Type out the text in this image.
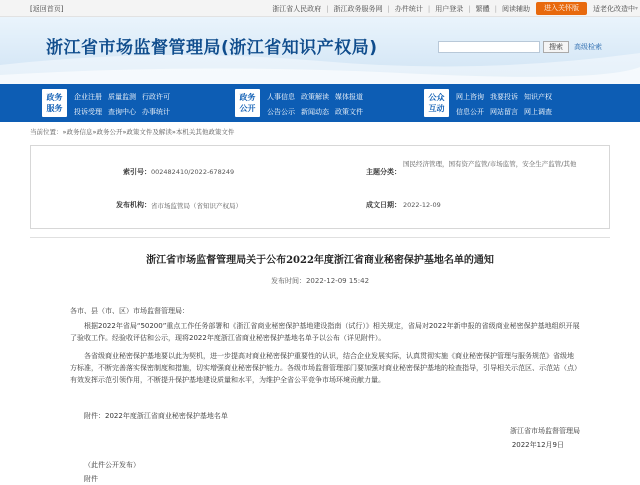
[返回首页]	浙江省人民政府 | 浙江政务服务网 | 办件统计 | 用户登录 | 繁體 | 阅读辅助	进入关怀版	适老化改造中 ▾
浙江省市场监督管理局(浙江省知识产权局)	搜索	高级检索
政务
服务
企业注册 质量监测 行政许可
投诉受理 查询中心 办事统计
政务
公开
人事信息 政策解读 媒体报道
公告公示 新闻动态 政策文件
公众
互动
网上咨询 我要投诉 知识产权
信息公开 网站留言 网上调查
当前位置：»政务信息»政务公开»政策文件及解读»本机关其他政策文件
索引号： 002482410/2022-678249	主题分类：
国民经济管理，国有资产监管/市场监管，安全生产监管/其他
发布机构： 省市场监管局（省知识产权局）	成文日期： 2022-12-09
浙江省市场监督管理局关于公布2022年度浙江省商业秘密保护基地名单的通知
发布时间：2022-12-09 15:42
各市、县（市、区）市场监督管理局：

根据2022年省局“50200”重点工作任务部署和《浙江省商业秘密保护基地建设指南（试行）》相关规定，省局对2022年新申报的省级商业秘密保护基地组织开展了验收工作。经验收评估和公示，现将2022年度浙江省商业秘密保护基地名单予以公布（详见附件）。

各省级商业秘密保护基地要以此为契机，进一步提高对商业秘密保护重要性的认识，结合企业发展实际，认真贯彻实施《商业秘密保护管理与服务规范》省级地方标准，不断完善落实保密制度和措施，切实增强商业秘密保护能力。各级市场监督管理部门要加强对商业秘密保护基地的检查指导，引导相关示范区、示范站（点）有效发挥示范引领作用，不断提升保护基地建设质量和水平，为维护全省公平竞争市场环境贡献力量。

附件：2022年度浙江省商业秘密保护基地名单

浙江省市场监督管理局
2022年12月9日
（此件公开发布）
附件
